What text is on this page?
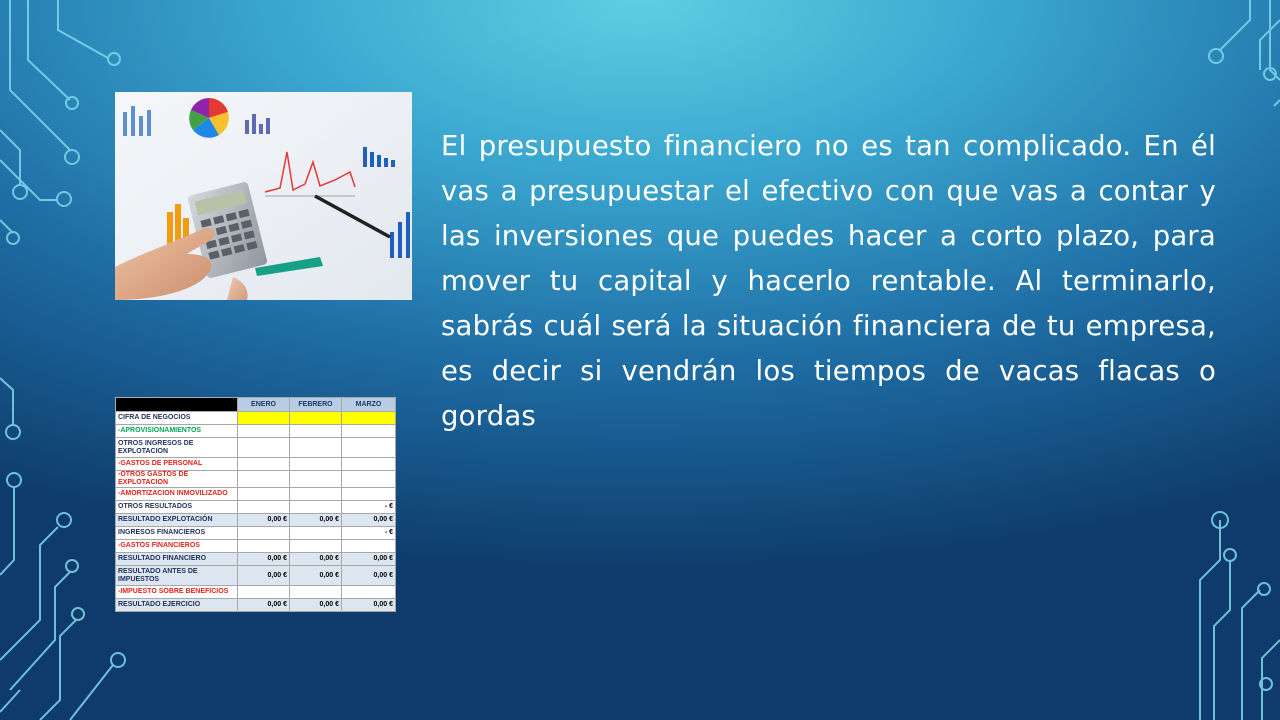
El presupuesto financiero no es tan complicado. En él vas a presupuestar el efectivo con que vas a contar y las inversiones que puedes hacer a corto plazo, para mover tu capital y hacerlo rentable. Al terminarlo, sabrás cuál será la situación financiera de tu empresa, es decir si vendrán los tiempos de vacas flacas o gordas
	ENERO	FEBRERO	MARZO
CIFRA DE NEGOCIOS			
-APROVISIONAMIENTOS			
OTROS INGRESOS DE EXPLOTACION			
-GASTOS DE PERSONAL			
-OTROS GASTOS DE EXPLOTACION			
-AMORTIZACION INMOVILIZADO			
OTROS RESULTADOS			- €
RESULTADO EXPLOTACIÓN	0,00 €	0,00 €	0,00 €
INGRESOS FINANCIEROS			- €
-GASTOS FINANCIEROS			
RESULTADO FINANCIERO	0,00 €	0,00 €	0,00 €
RESULTADO ANTES DE IMPUESTOS	0,00 €	0,00 €	0,00 €
-IMPUESTO SOBRE BENEFICIOS			
RESULTADO EJERCICIO	0,00 €	0,00 €	0,00 €
